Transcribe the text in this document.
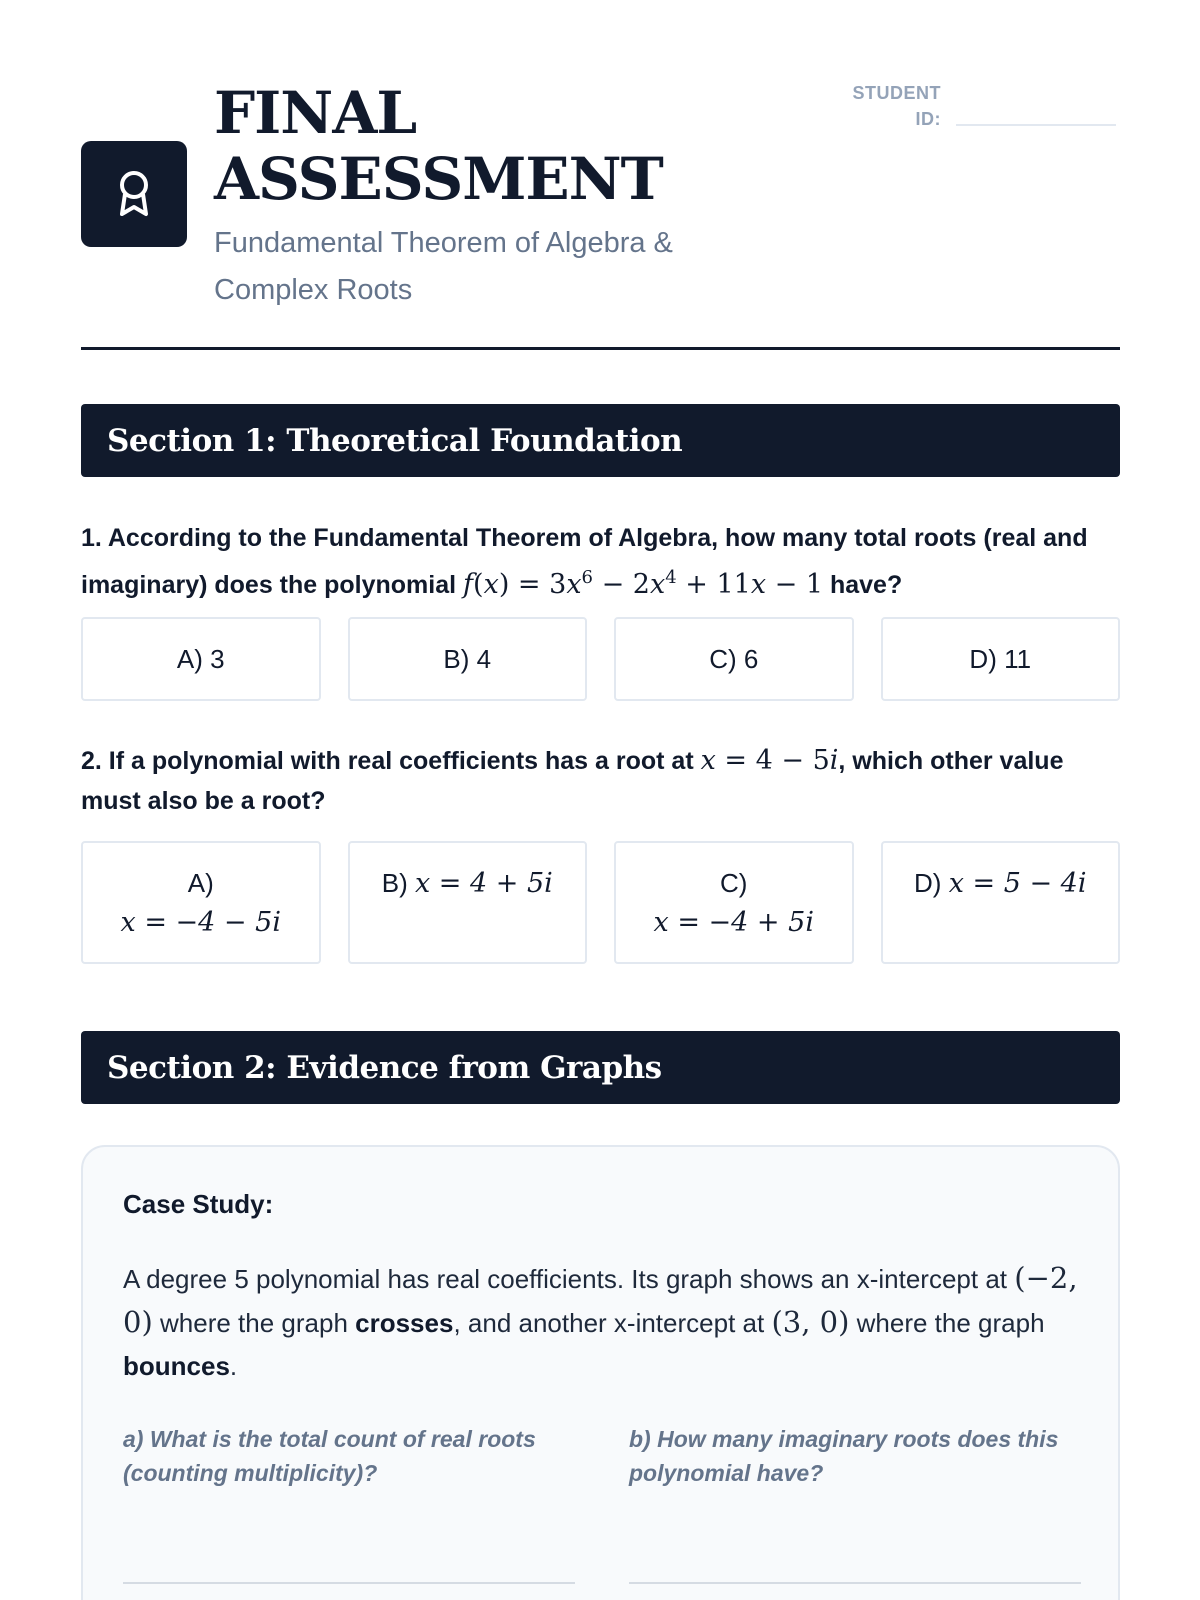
FINAL
ASSESSMENT
Fundamental Theorem of Algebra & Complex Roots
STUDENT
ID:
Section 1: Theoretical Foundation
1. According to the Fundamental Theorem of Algebra, how many total roots (real and imaginary) does the polynomial $f(x) = 3x^6 - 2x^4 + 11x - 1$ have?
A) 3	B) 4	C) 6	D) 11
2. If a polynomial with real coefficients has a root at x = 4 − 5i, which other value must also be a root?
A)
x = −4 − 5i
B) x = 4 + 5i	C)
x = −4 + 5i
D) x = 5 − 4i
Section 2: Evidence from Graphs
Case Study:
A degree 5 polynomial has real coefficients. Its graph shows an x-intercept at (−2, 0) where the graph crosses, and another x-intercept at (3, 0) where the graph bounces.
a) What is the total count of real roots (counting multiplicity)?
b) How many imaginary roots does this polynomial have?
